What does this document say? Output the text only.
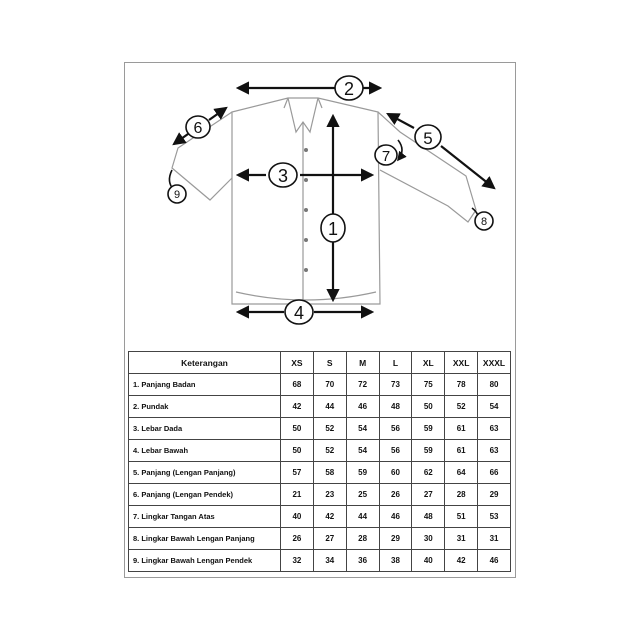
1
2
3
4
5
6
7
8
9
Keterangan	XS	S	M	L	XL	XXL	XXXL
1. Panjang Badan	68	70	72	73	75	78	80
2. Pundak	42	44	46	48	50	52	54
3. Lebar Dada	50	52	54	56	59	61	63
4. Lebar Bawah	50	52	54	56	59	61	63
5. Panjang (Lengan Panjang)	57	58	59	60	62	64	66
6. Panjang (Lengan Pendek)	21	23	25	26	27	28	29
7. Lingkar Tangan Atas	40	42	44	46	48	51	53
8. Lingkar Bawah Lengan Panjang	26	27	28	29	30	31	31
9. Lingkar Bawah Lengan Pendek	32	34	36	38	40	42	46
